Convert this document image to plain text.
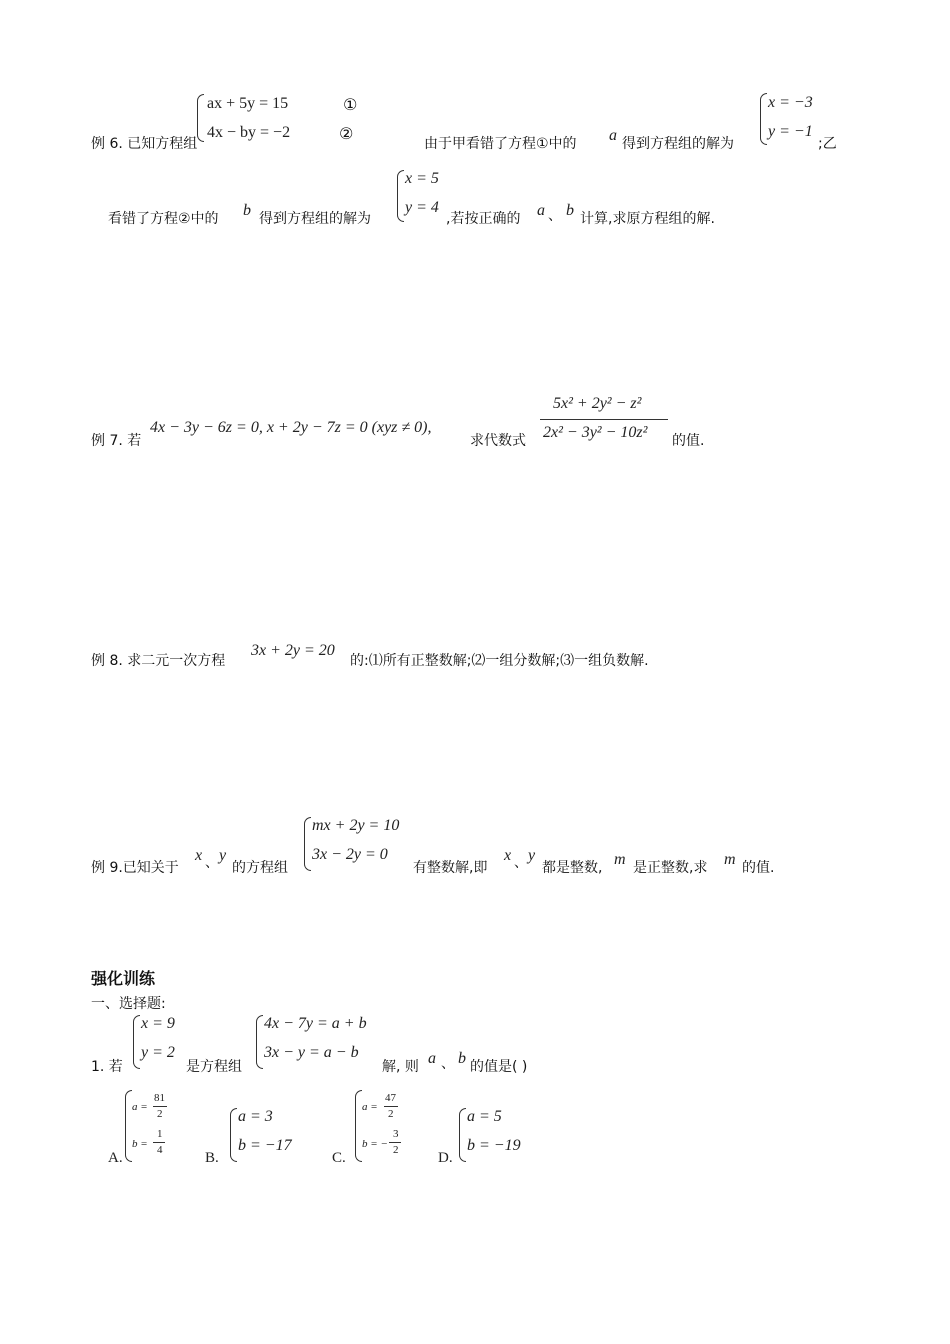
ax + 5y = 15	①
4x − by = −2	②
例 6. 已知方程组	由于甲看错了方程①中的 a 得到方程组的解为
x = −3
y = −1
;乙
看错了方程②中的 b 得到方程组的解为
x = 5
y = 4
,若按正确的 a 、 b 计算,求原方程组的解.
例 7. 若
4x − 3y − 6z = 0, x + 2y − 7z = 0 (xyz ≠ 0),
求代数式
5x² + 2y² − z²
2x² − 3y² − 10z² 的值.
例 8. 求二元一次方程
3x + 2y = 20
的:⑴所有正整数解;⑵一组分数解;⑶一组负数解.
例 9.已知关于
x 、 y
的方程组
mx + 2y = 10
3x − 2y = 0
有整数解,即
x 、 y
都是整数, m 是正整数,求 m 的值.
强化训练
一、选择题:
1. 若
x = 9
y = 2
是方程组
4x − 7y = a + b
3x − y = a − b
解, 则 a 、 b 的值是( )
A.
a =
81
2
b =
1
4	B.
a = 3
b = −17
C.
a =
47
2
b = −
3
2	D.
a = 5
b = −19
